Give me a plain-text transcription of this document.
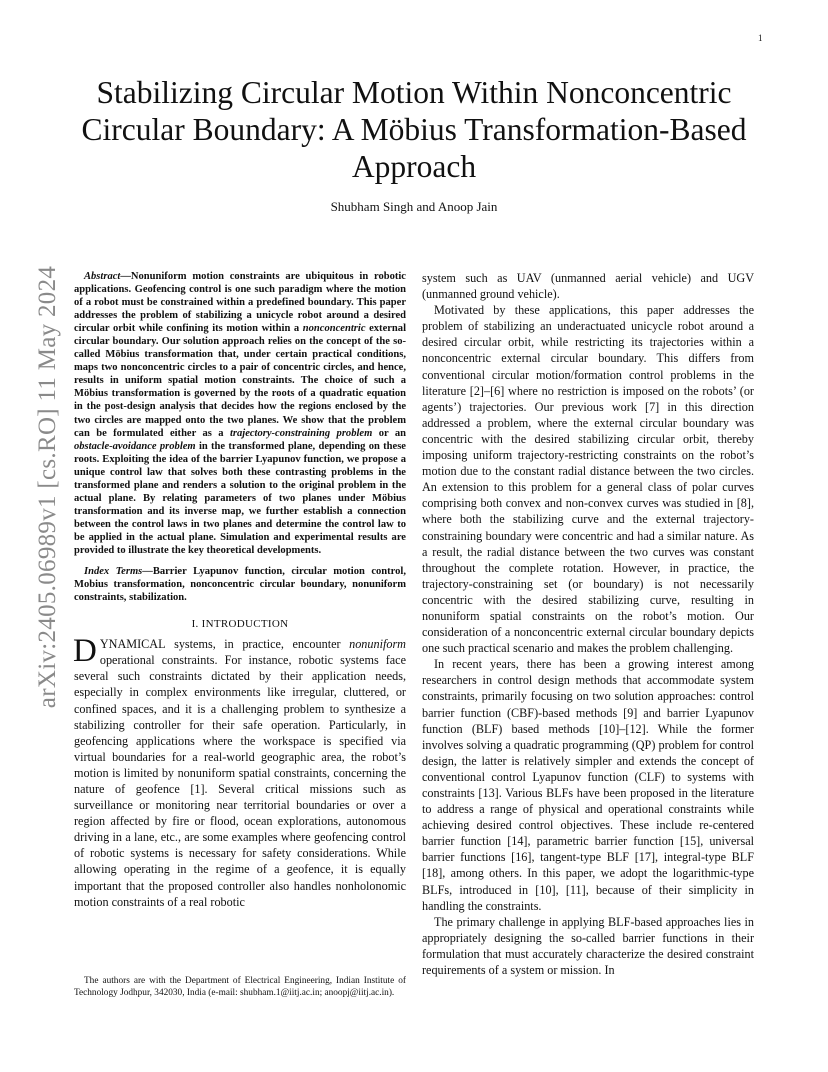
1
arXiv:2405.06989v1 [cs.RO] 11 May 2024
Stabilizing Circular Motion Within Nonconcentric Circular Boundary: A Möbius Transformation-Based Approach
Shubham Singh and Anoop Jain

Abstract—Nonuniform motion constraints are ubiquitous in robotic applications. Geofencing control is one such paradigm where the motion of a robot must be constrained within a predefined boundary. This paper addresses the problem of stabilizing a unicycle robot around a desired circular orbit while confining its motion within a nonconcentric external circular boundary. Our solution approach relies on the concept of the so-called Möbius transformation that, under certain practical conditions, maps two nonconcentric circles to a pair of concentric circles, and hence, results in uniform spatial motion constraints. The choice of such a Möbius transformation is governed by the roots of a quadratic equation in the post-design analysis that decides how the regions enclosed by the two circles are mapped onto the two planes. We show that the problem can be formulated either as a trajectory-constraining problem or an obstacle-avoidance problem in the transformed plane, depending on these roots. Exploiting the idea of the barrier Lyapunov function, we propose a unique control law that solves both these contrasting problems in the transformed plane and renders a solution to the original problem in the actual plane. By relating parameters of two planes under Möbius transformation and its inverse map, we further establish a connection between the control laws in two planes and determine the control law to be applied in the actual plane. Simulation and experimental results are provided to illustrate the key theoretical developments.

Index Terms—Barrier Lyapunov function, circular motion control, Mobius transformation, nonconcentric circular boundary, nonuniform constraints, stabilization.

I. INTRODUCTION

DYNAMICAL systems, in practice, encounter nonuniform operational constraints. For instance, robotic systems face several such constraints dictated by their application needs, especially in complex environments like irregular, cluttered, or confined spaces, and it is a challenging problem to synthesize a stabilizing controller for their safe operation. Particularly, in geofencing applications where the workspace is specified via virtual boundaries for a real-world geographic area, the robot’s motion is limited by nonuniform spatial constraints, concerning the nature of geofence [1]. Several critical missions such as surveillance or monitoring near territorial boundaries or over a region affected by fire or flood, ocean explorations, autonomous driving in a lane, etc., are some examples where geofencing control of robotic systems is necessary for safety considerations. While allowing operating in the regime of a geofence, it is equally important that the proposed controller also handles nonholonomic motion constraints of a real robotic

system such as UAV (unmanned aerial vehicle) and UGV (unmanned ground vehicle).

Motivated by these applications, this paper addresses the problem of stabilizing an underactuated unicycle robot around a desired circular orbit, while restricting its trajectories within a nonconcentric external circular boundary. This differs from conventional circular motion/formation control problems in the literature [2]–[6] where no restriction is imposed on the robots’ (or agents’) trajectories. Our previous work [7] in this direction addressed a problem, where the external circular boundary was concentric with the desired stabilizing circular orbit, thereby imposing uniform trajectory-restricting constraints on the robot’s motion due to the constant radial distance between the two circles. An extension to this problem for a general class of polar curves comprising both convex and non-convex curves was studied in [8], where both the stabilizing curve and the external trajectory-constraining boundary were concentric and had a similar nature. As a result, the radial distance between the two curves was constant throughout the complete rotation. However, in practice, the trajectory-constraining set (or boundary) is not necessarily concentric with the desired stabilizing curve, resulting in nonuniform spatial constraints on the robot’s motion. Our consideration of a nonconcentric external circular boundary depicts one such practical scenario and makes the problem challenging.

In recent years, there has been a growing interest among researchers in control design methods that accommodate system constraints, primarily focusing on two solution approaches: control barrier function (CBF)-based methods [9] and barrier Lyapunov function (BLF) based methods [10]–[12]. While the former involves solving a quadratic programming (QP) problem for control design, the latter is relatively simpler and extends the concept of conventional control Lyapunov function (CLF) to systems with constraints [13]. Various BLFs have been proposed in the literature to address a range of physical and operational constraints while achieving desired control objectives. These include re-centered barrier function [14], parametric barrier function [15], universal barrier functions [16], tangent-type BLF [17], integral-type BLF [18], among others. In this paper, we adopt the logarithmic-type BLFs, introduced in [10], [11], because of their simplicity in handling the constraints.

The primary challenge in applying BLF-based approaches lies in appropriately designing the so-called barrier functions in their formulation that must accurately characterize the desired constraint requirements of a system or mission. In

The authors are with the Department of Electrical Engineering, Indian Institute of Technology Jodhpur, 342030, India (e-mail: shubham.1@iitj.ac.in; anoopj@iitj.ac.in).
